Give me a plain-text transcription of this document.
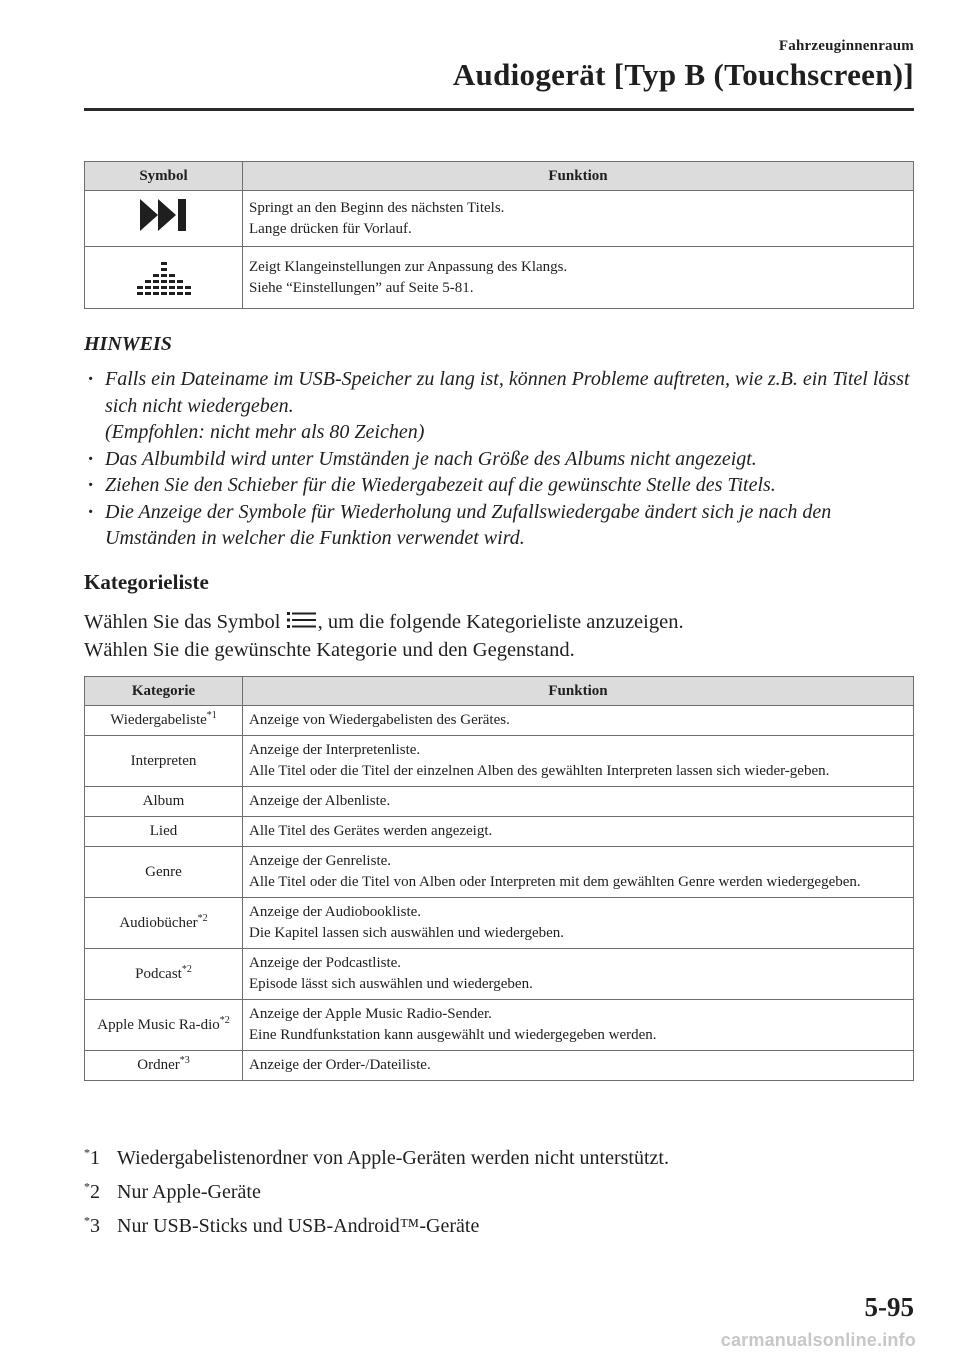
Fahrzeuginnenraum
Audiogerät [Typ B (Touchscreen)]
Symbol	Funktion

Springt an den Beginn des nächsten Titels.
Lange drücken für Vorlauf.

Zeigt Klangeinstellungen zur Anpassung des Klangs.
Siehe “Einstellungen” auf Seite 5-81.
HINWEIS
· Falls ein Dateiname im USB-Speicher zu lang ist, können Probleme auftreten, wie z.B. ein Titel lässt sich nicht wiedergeben.
(Empfohlen: nicht mehr als 80 Zeichen)
· Das Albumbild wird unter Umständen je nach Größe des Albums nicht angezeigt.
· Ziehen Sie den Schieber für die Wiedergabezeit auf die gewünschte Stelle des Titels.
· Die Anzeige der Symbole für Wiederholung und Zufallswiedergabe ändert sich je nach den Umständen in welcher die Funktion verwendet wird.
Kategorieliste
Wählen Sie das Symbol , um die folgende Kategorieliste anzuzeigen.
Wählen Sie die gewünschte Kategorie und den Gegenstand.
Kategorie	Funktion
Wiedergabeliste$^{*1}$	Anzeige von Wiedergabelisten des Gerätes.

Interpreten	Anzeige der Interpretenliste.
Alle Titel oder die Titel der einzelnen Alben des gewählten Interpreten lassen sich wieder-geben.

Album	Anzeige der Albenliste.

Lied	Alle Titel des Gerätes werden angezeigt.

Genre	Anzeige der Genreliste.
Alle Titel oder die Titel von Alben oder Interpreten mit dem gewählten Genre werden wiedergegeben.

Audiobücher$^{*2}$	Anzeige der Audiobookliste.
Die Kapitel lassen sich auswählen und wiedergeben.

Podcast$^{*2}$	Anzeige der Podcastliste.
Episode lässt sich auswählen und wiedergeben.

Apple Music Ra-dio$^{*2}$	Anzeige der Apple Music Radio-Sender.
Eine Rundfunkstation kann ausgewählt und wiedergegeben werden.

Ordner$^{*3}$	Anzeige der Order-/Dateiliste.
*1 Wiedergabelistenordner von Apple-Geräten werden nicht unterstützt.
*2 Nur Apple-Geräte
*3 Nur USB-Sticks und USB-Android™-Geräte
5-95
carmanualsonline.info
